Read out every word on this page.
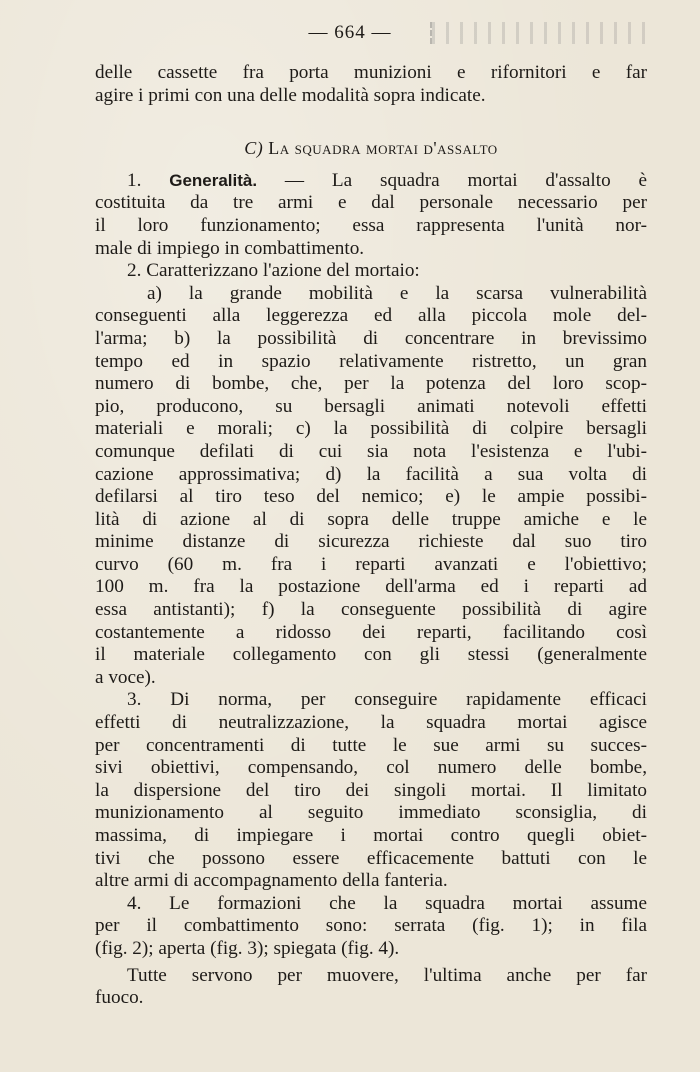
— 664 —
delle cassette fra porta munizioni e rifornitori e far
agire i primi con una delle modalità sopra indicate.
C) La squadra mortai d'assalto
1. Generalità. — La squadra mortai d'assalto è
costituita da tre armi e dal personale necessario per
il loro funzionamento; essa rappresenta l'unità nor-
male di impiego in combattimento.
2. Caratterizzano l'azione del mortaio:
a) la grande mobilità e la scarsa vulnerabilità
conseguenti alla leggerezza ed alla piccola mole del-
l'arma; b) la possibilità di concentrare in brevissimo
tempo ed in spazio relativamente ristretto, un gran
numero di bombe, che, per la potenza del loro scop-
pio, producono, su bersagli animati notevoli effetti
materiali e morali; c) la possibilità di colpire bersagli
comunque defilati di cui sia nota l'esistenza e l'ubi-
cazione approssimativa; d) la facilità a sua volta di
defilarsi al tiro teso del nemico; e) le ampie possibi-
lità di azione al di sopra delle truppe amiche e le
minime distanze di sicurezza richieste dal suo tiro
curvo (60 m. fra i reparti avanzati e l'obiettivo;
100 m. fra la postazione dell'arma ed i reparti ad
essa antistanti); f) la conseguente possibilità di agire
costantemente a ridosso dei reparti, facilitando così
il materiale collegamento con gli stessi (generalmente
a voce).
3. Di norma, per conseguire rapidamente efficaci
effetti di neutralizzazione, la squadra mortai agisce
per concentramenti di tutte le sue armi su succes-
sivi obiettivi, compensando, col numero delle bombe,
la dispersione del tiro dei singoli mortai. Il limitato
munizionamento al seguito immediato sconsiglia, di
massima, di impiegare i mortai contro quegli obiet-
tivi che possono essere efficacemente battuti con le
altre armi di accompagnamento della fanteria.
4. Le formazioni che la squadra mortai assume
per il combattimento sono: serrata (fig. 1); in fila
(fig. 2); aperta (fig. 3); spiegata (fig. 4).
Tutte servono per muovere, l'ultima anche per far
fuoco.
